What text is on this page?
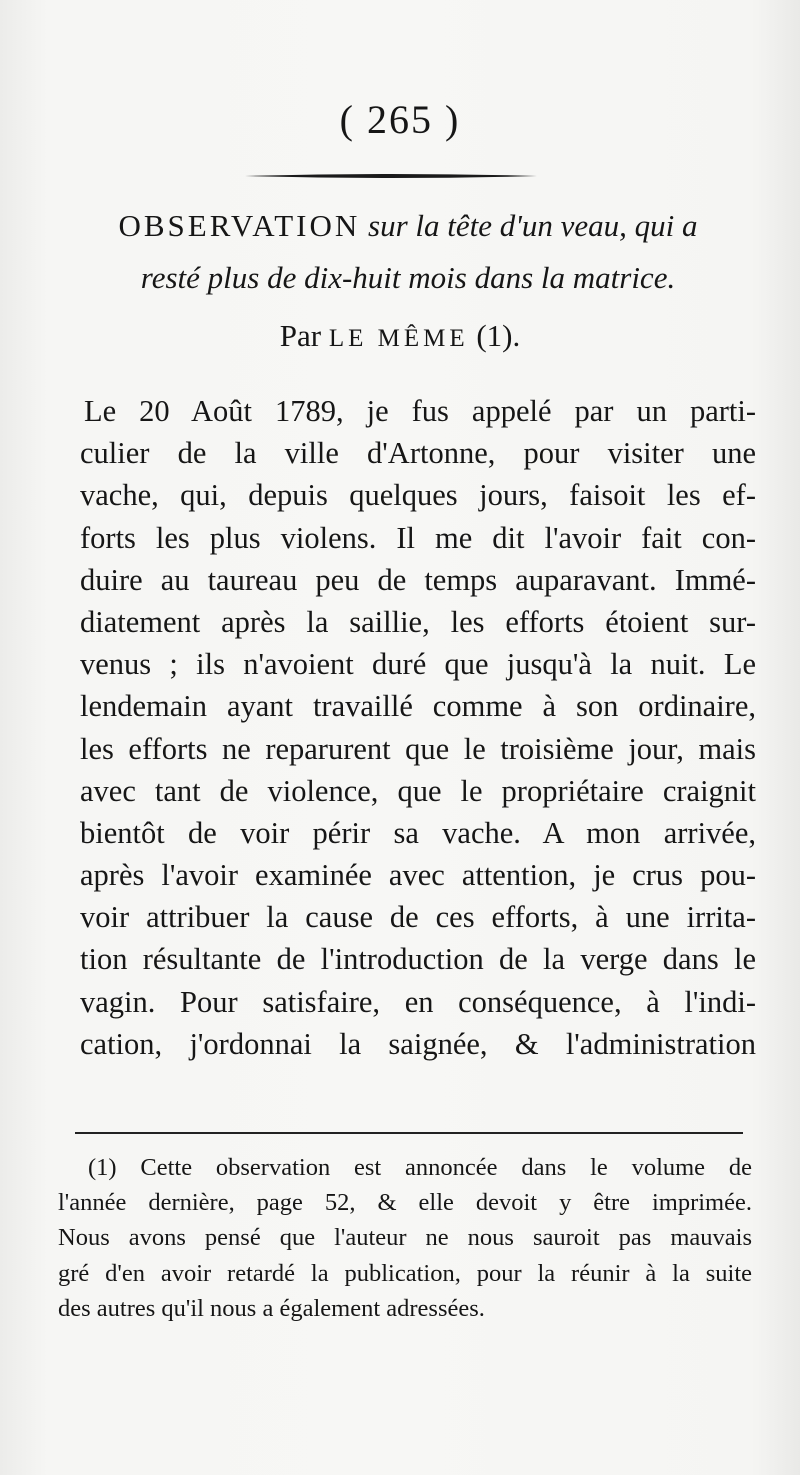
( 265 )
OBSERVATION sur la tête d'un veau, qui a
resté plus de dix-huit mois dans la matrice.
Par LE MÊME (1).
Le 20 Août 1789, je fus appelé par un parti-
culier de la ville d'Artonne, pour visiter une
vache, qui, depuis quelques jours, faisoit les ef-
forts les plus violens. Il me dit l'avoir fait con-
duire au taureau peu de temps auparavant. Immé-
diatement après la saillie, les efforts étoient sur-
venus ; ils n'avoient duré que jusqu'à la nuit. Le
lendemain ayant travaillé comme à son ordinaire,
les efforts ne reparurent que le troisième jour, mais
avec tant de violence, que le propriétaire craignit
bientôt de voir périr sa vache. A mon arrivée,
après l'avoir examinée avec attention, je crus pou-
voir attribuer la cause de ces efforts, à une irrita-
tion résultante de l'introduction de la verge dans le
vagin. Pour satisfaire, en conséquence, à l'indi-
cation, j'ordonnai la saignée, & l'administration
(1) Cette observation est annoncée dans le volume de
l'année dernière, page 52, & elle devoit y être imprimée.
Nous avons pensé que l'auteur ne nous sauroit pas mauvais
gré d'en avoir retardé la publication, pour la réunir à la suite
des autres qu'il nous a également adressées.
